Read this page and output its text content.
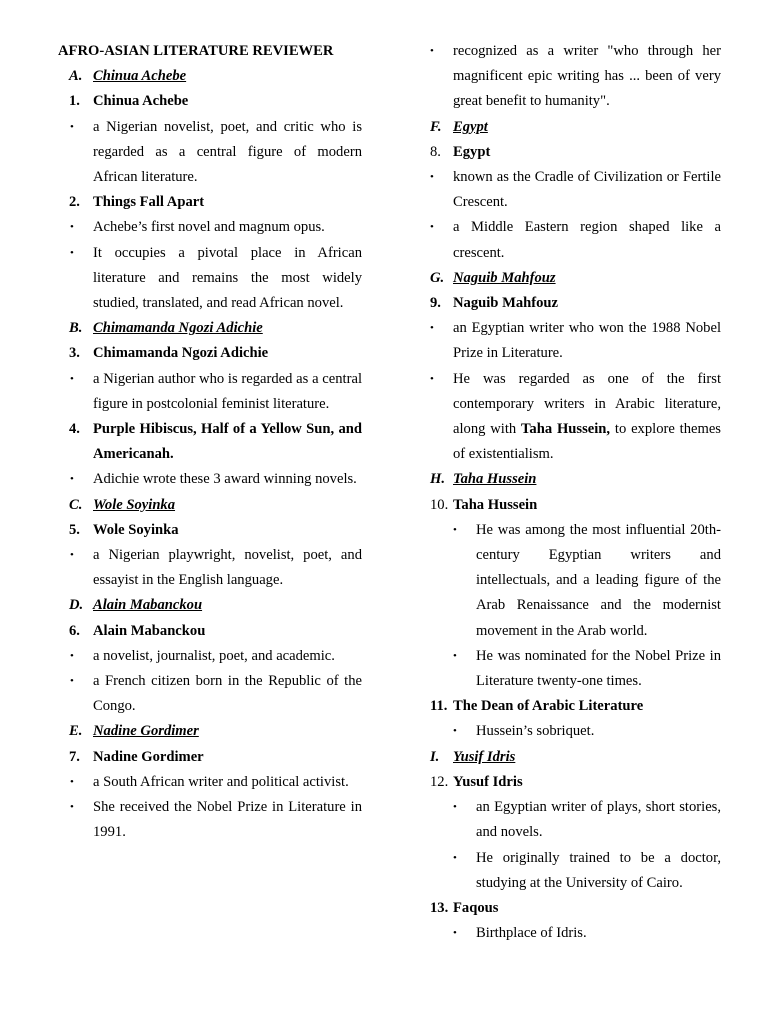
AFRO-ASIAN LITERATURE REVIEWER

A. Chinua Achebe
1. Chinua Achebe
•	a Nigerian novelist, poet, and critic who is regarded as a central figure of modern African literature.
2. Things Fall Apart
•	Achebe’s first novel and magnum opus.
•	It occupies a pivotal place in African literature and remains the most widely studied, translated, and read African novel.
B. Chimamanda Ngozi Adichie
3. Chimamanda Ngozi Adichie
•	a Nigerian author who is regarded as a central figure in postcolonial feminist literature.
4. Purple Hibiscus, Half of a Yellow Sun, and Americanah.
•	Adichie wrote these 3 award winning novels.
C. Wole Soyinka
5. Wole Soyinka
•	a Nigerian playwright, novelist, poet, and essayist in the English language.
D. Alain Mabanckou
6. Alain Mabanckou
•	a novelist, journalist, poet, and academic.
•	a French citizen born in the Republic of the Congo.
E. Nadine Gordimer
7. Nadine Gordimer
•	a South African writer and political activist.
•	She received the Nobel Prize in Literature in 1991.
•	recognized as a writer "who through her magnificent epic writing has ... been of very great benefit to humanity".
F. Egypt
8. Egypt
•	known as the Cradle of Civilization or Fertile Crescent.
•	a Middle Eastern region shaped like a crescent.
G. Naguib Mahfouz
9. Naguib Mahfouz
•	an Egyptian writer who won the 1988 Nobel Prize in Literature.
•	He was regarded as one of the first contemporary writers in Arabic literature, along with Taha Hussein, to explore themes of existentialism.
H. Taha Hussein
10. Taha Hussein
•	He was among the most influential 20th-century Egyptian writers and intellectuals, and a leading figure of the Arab Renaissance and the modernist movement in the Arab world.
•	He was nominated for the Nobel Prize in Literature twenty-one times.
11. The Dean of Arabic Literature
•	Hussein’s sobriquet.
I. Yusif Idris
12. Yusuf Idris
•	an Egyptian writer of plays, short stories, and novels.
•	He originally trained to be a doctor, studying at the University of Cairo.
13. Faqous
•	Birthplace of Idris.
